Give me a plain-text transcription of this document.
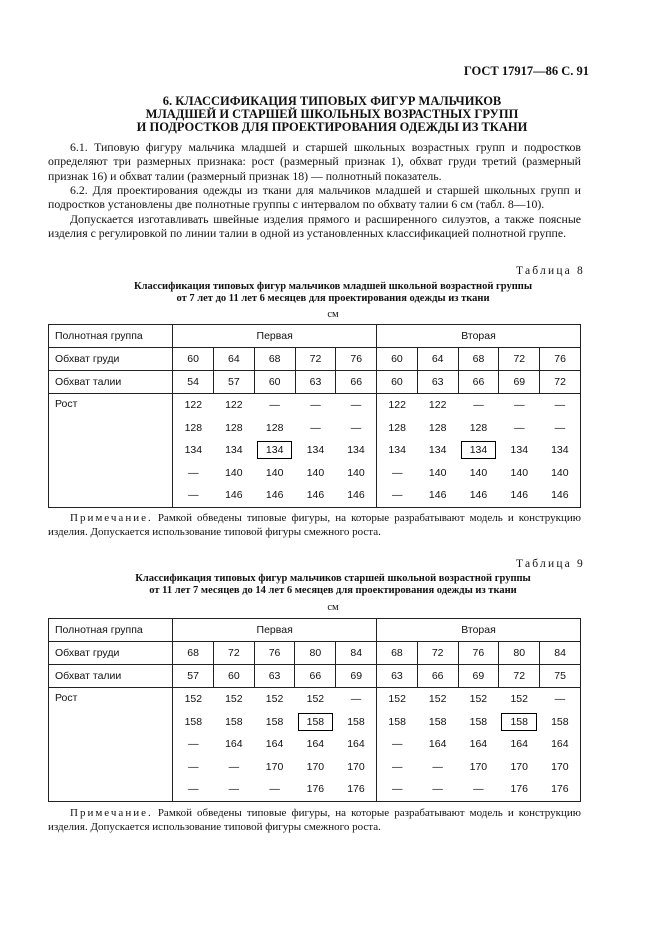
ГОСТ 17917—86 С. 91
6. КЛАССИФИКАЦИЯ ТИПОВЫХ ФИГУР МАЛЬЧИКОВ
МЛАДШЕЙ И СТАРШЕЙ ШКОЛЬНЫХ ВОЗРАСТНЫХ ГРУПП
И ПОДРОСТКОВ ДЛЯ ПРОЕКТИРОВАНИЯ ОДЕЖДЫ ИЗ ТКАНИ
6.1. Типовую фигуру мальчика младшей и старшей школьных возрастных групп и подростков определяют три размерных признака: рост (размерный признак 1), обхват груди третий (размерный признак 16) и обхват талии (размерный признак 18) — полнотный показатель.
6.2. Для проектирования одежды из ткани для мальчиков младшей и старшей школьных групп и подростков установлены две полнотные группы с интервалом по обхвату талии 6 см (табл. 8—10).
Допускается изготавливать швейные изделия прямого и расширенного силуэтов, а также поясные изделия с регулировкой по линии талии в одной из установленных классификацией полнотной группе.
Таблица 8
Классификация типовых фигур мальчиков младшей школьной возрастной группы
от 7 лет до 11 лет 6 месяцев для проектирования одежды из ткани
см
Полнотная группа	Первая					Вторая				
Обхват груди	60	64	68	72	76	60	64	68	72	76
Обхват талии	54	57	60	63	66	60	63	66	69	72
Рост	122	122	—	—	—	122	122	—	—	—
	128	128	128	—	—	128	128	128	—	—
	134	134	134	134	134	134	134	134	134	134
	—	140	140	140	140	—	140	140	140	140
	—	146	146	146	146	—	146	146	146	146
Примечание. Рамкой обведены типовые фигуры, на которые разрабатывают модель и конструкцию изделия. Допускается использование типовой фигуры смежного роста.
Таблица 9
Классификация типовых фигур мальчиков старшей школьной возрастной группы
от 11 лет 7 месяцев до 14 лет 6 месяцев для проектирования одежды из ткани
см
Полнотная группа	Первая					Вторая				
Обхват груди	68	72	76	80	84	68	72	76	80	84
Обхват талии	57	60	63	66	69	63	66	69	72	75
Рост	152	152	152	152	—	152	152	152	152	—
	158	158	158	158	158	158	158	158	158	158
	—	164	164	164	164	—	164	164	164	164
	—	—	170	170	170	—	—	170	170	170
	—	—	—	176	176	—	—	—	176	176
Примечание. Рамкой обведены типовые фигуры, на которые разрабатывают модель и конструкцию изделия. Допускается использование типовой фигуры смежного роста.
